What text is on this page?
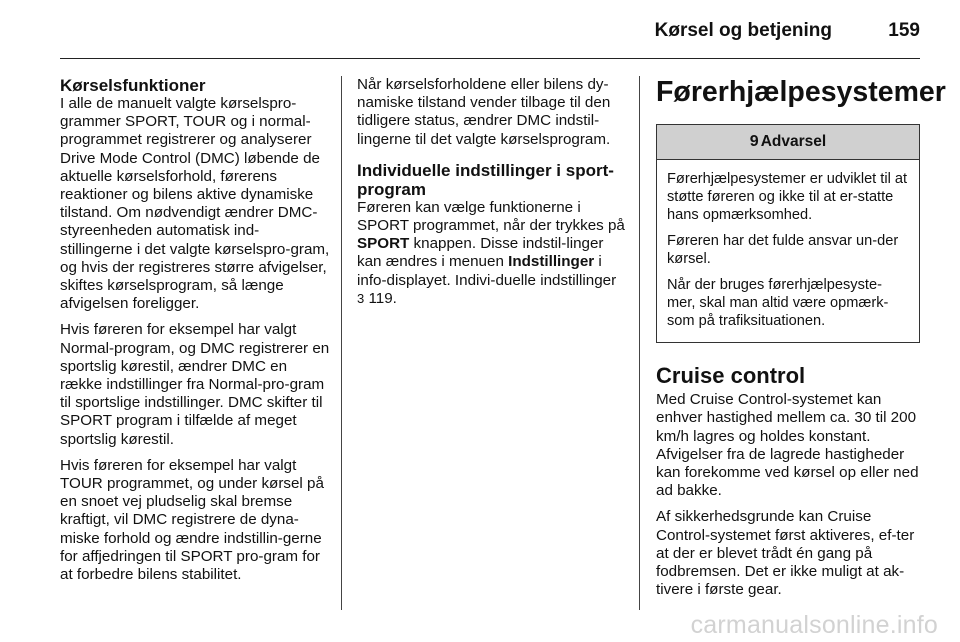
Kørsel og betjening	159
Kørselsfunktioner

I alle de manuelt valgte kørselspro-grammer SPORT, TOUR og i normal-programmet registrerer og analyserer Drive Mode Control (DMC) løbende de aktuelle kørselsforhold, førerens reaktioner og bilens aktive dynamiske tilstand. Om nødvendigt ændrer DMC-styreenheden automatisk ind-stillingerne i det valgte kørselspro-gram, og hvis der registreres større afvigelser, skiftes kørselsprogram, så længe afvigelsen foreligger.

Hvis føreren for eksempel har valgt Normal-program, og DMC registrerer en sportslig kørestil, ændrer DMC en række indstillinger fra Normal-pro-gram til sportslige indstillinger. DMC skifter til SPORT program i tilfælde af meget sportslig kørestil.

Hvis føreren for eksempel har valgt TOUR programmet, og under kørsel på en snoet vej pludselig skal bremse kraftigt, vil DMC registrere de dyna-miske forhold og ændre indstillin-gerne for affjedringen til SPORT pro-gram for at forbedre bilens stabilitet.

Når kørselsforholdene eller bilens dy-namiske tilstand vender tilbage til den tidligere status, ændrer DMC indstil-lingerne til det valgte kørselsprogram.

Individuelle indstillinger i sport-program

Føreren kan vælge funktionerne i SPORT programmet, når der trykkes på SPORT knappen. Disse indstil-linger kan ændres i menuen Indstillinger i info-displayet. Indivi-duelle indstillinger 3 119.

Førerhjælpesystemer
9 Advarsel

Førerhjælpesystemer er udviklet til at støtte føreren og ikke til at er-statte hans opmærksomhed.

Føreren har det fulde ansvar un-der kørsel.

Når der bruges førerhjælpesyste-mer, skal man altid være opmærk-som på trafiksituationen.

Cruise control

Med Cruise Control-systemet kan enhver hastighed mellem ca. 30 til 200 km/h lagres og holdes konstant. Afvigelser fra de lagrede hastigheder kan forekomme ved kørsel op eller ned ad bakke.

Af sikkerhedsgrunde kan Cruise Control-systemet først aktiveres, ef-ter at der er blevet trådt én gang på fodbremsen. Det er ikke muligt at ak-tivere i første gear.

carmanualsonline.info
